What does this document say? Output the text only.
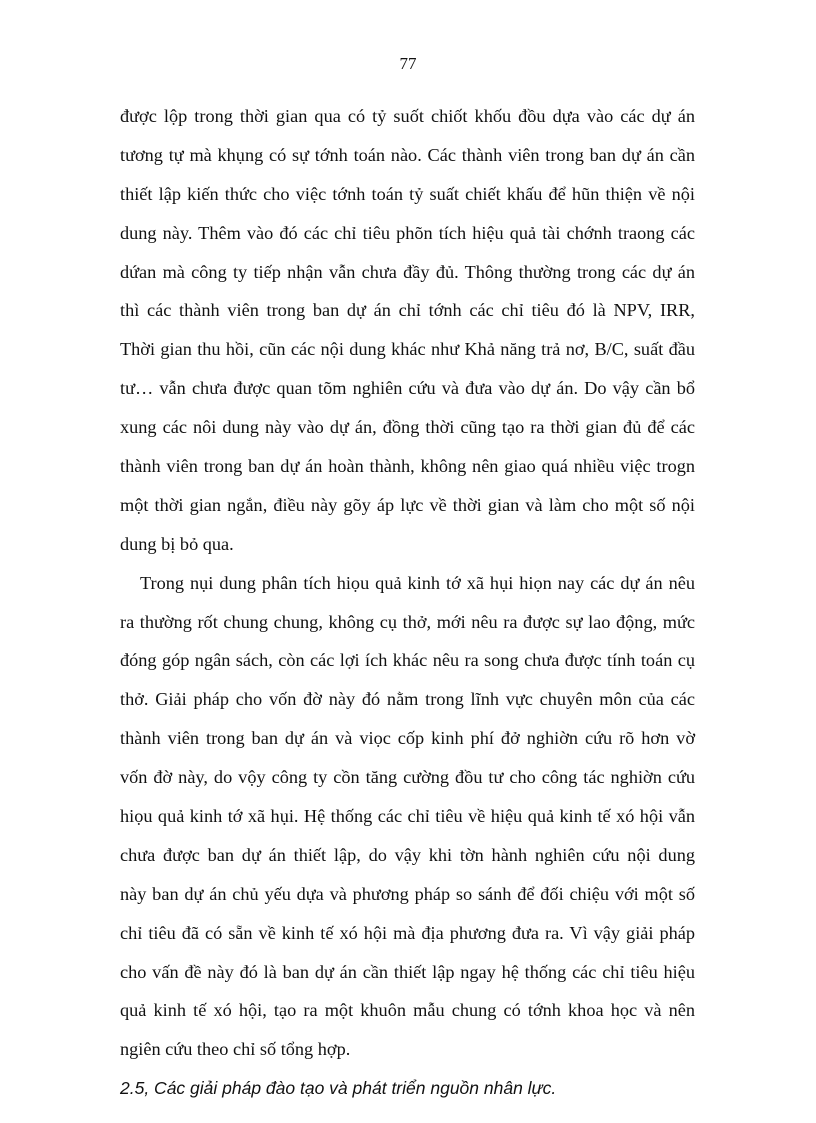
77
được lộp trong thời gian qua có tỷ suốt chiốt khốu đồu dựa vào các dự án
tương tự mà khụng có sự tớnh toán nào. Các thành viên trong ban dự án cần
thiết lập kiến thức cho việc tớnh toán tỷ suất chiết khấu để hũn thiện về nội
dung này. Thêm vào đó các chỉ tiêu phõn tích hiệu quả tài chớnh traong các
dứan mà công ty tiếp nhận vẫn chưa đầy đủ. Thông thường trong các dự án
thì các thành viên trong ban dự án chỉ tớnh các chỉ tiêu đó là NPV, IRR,
Thời gian thu hồi, cũn các nội dung khác như Khả năng trả nơ, B/C, suất đầu
tư… vẫn chưa được quan tõm nghiên cứu và đưa vào dự án. Do vậy cần bổ
xung các nôi dung này vào dự án, đồng thời cũng tạo ra thời gian đủ để các
thành viên trong ban dự án hoàn thành, không nên giao quá nhiều việc trogn
một thời gian ngắn, điều này gõy áp lực về thời gian và làm cho một số nội
dung bị bỏ qua.
Trong nụi dung phân tích hiọu quả kinh tớ xã hụi hiọn nay các dự án nêu
ra thường rốt chung chung, không cụ thở, mới nêu ra được sự lao động, mức
đóng góp ngân sách, còn các lợi ích khác nêu ra song chưa được tính toán cụ
thở. Giải pháp cho vốn đờ này đó nằm trong lĩnh vực chuyên môn của các
thành viên trong ban dự án và viọc cốp kinh phí đở nghiờn cứu rõ hơn vờ
vốn đờ này, do vộy công ty cồn tăng cường đồu tư cho công tác nghiờn cứu
hiọu quả kinh tớ xã hụi. Hệ thống các chỉ tiêu về hiệu quả kinh tế xó hội vẫn
chưa được ban dự án thiết lập, do vậy khi tờn hành nghiên cứu nội dung
này ban dự án chủ yếu dựa và phương pháp so sánh để đối chiệu với một số
chỉ tiêu đã có sẵn về kinh tế xó hội mà địa phương đưa ra. Vì vậy giải pháp
cho vấn đề này đó là ban dự án cần thiết lập ngay hệ thống các chỉ tiêu hiệu
quả kinh tế xó hội, tạo ra một khuôn mẫu chung có tớnh khoa học và nên
ngiên cứu theo chỉ số tổng hợp.
2.5, Các giải pháp đào tạo và phát triển nguồn nhân lực.
